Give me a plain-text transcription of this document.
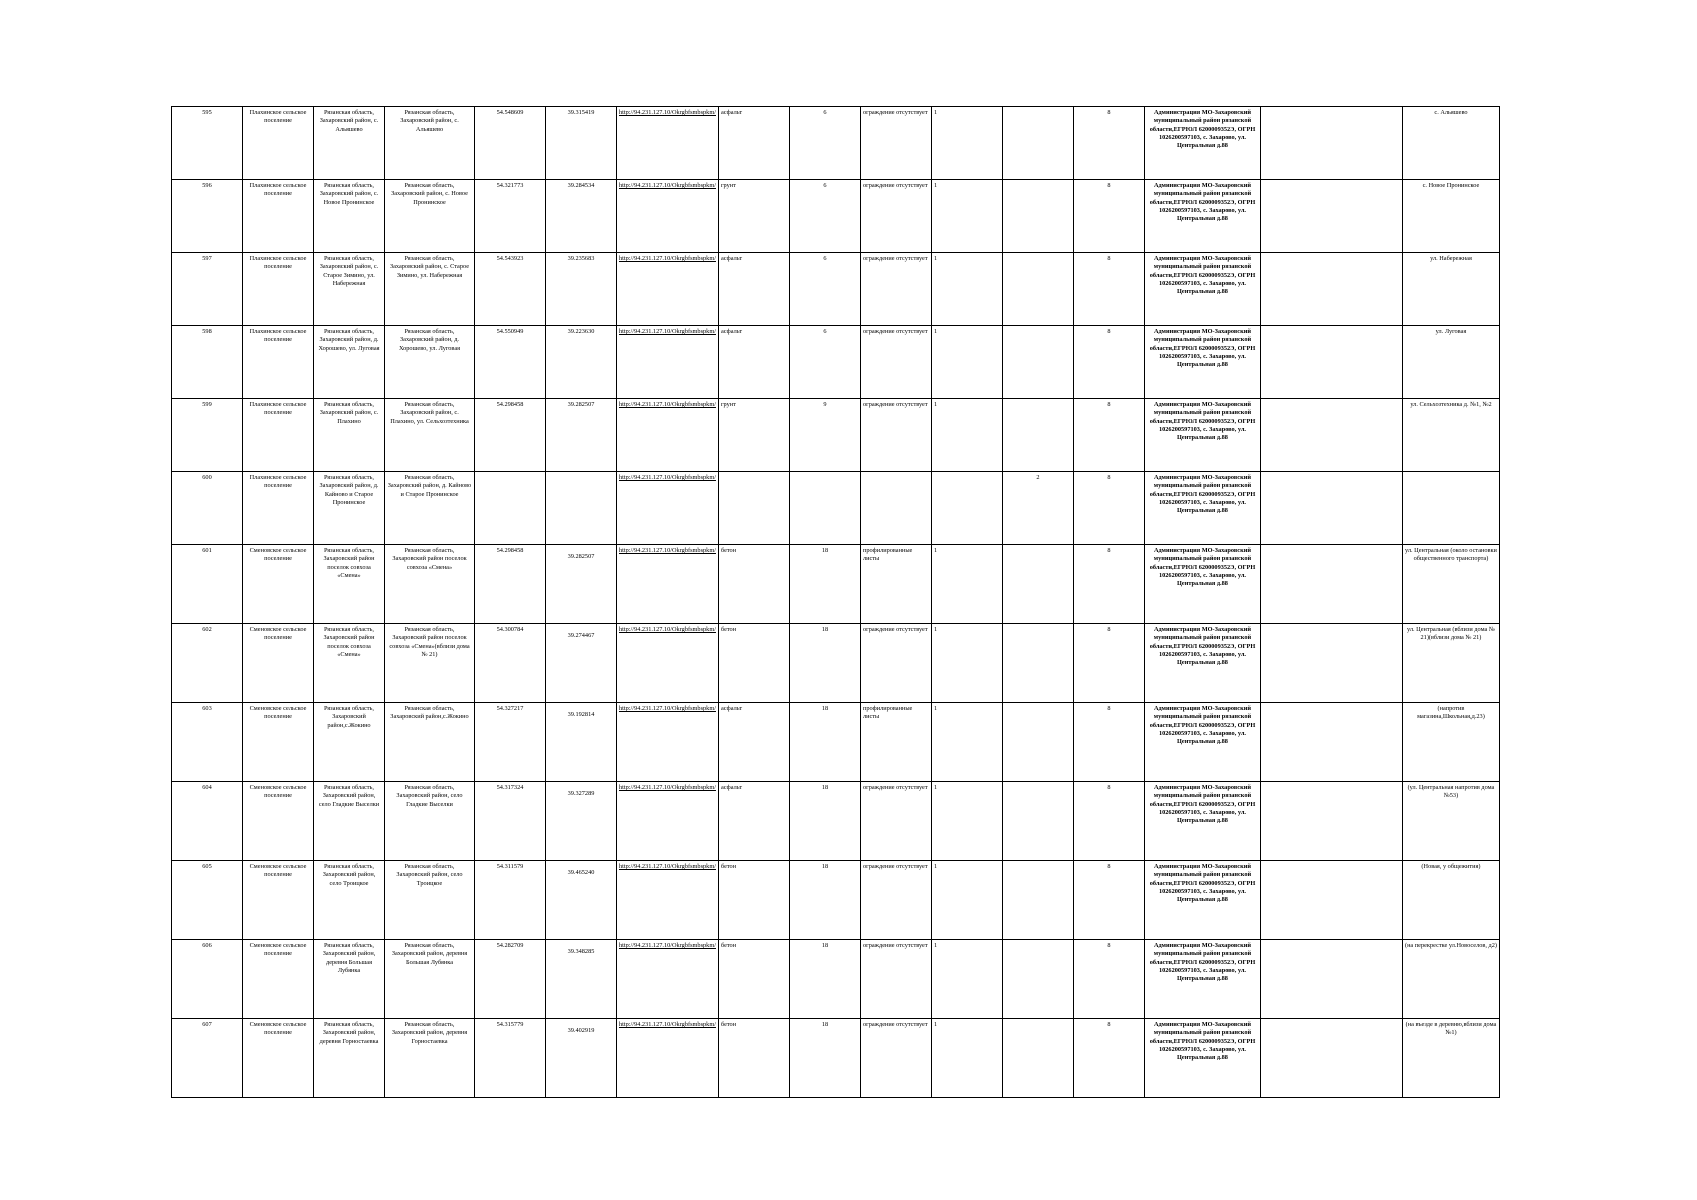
595	Плахинское сельское поселение	Рязанская область, Захаровский район, с. Альяшево	Рязанская область, Захаровский район, с. Альяшево	54.548609	39.315419	http://94.231.127.10/Okrgbfsmbspkm/	асфальт	6	ограждение отсутствует	1		8	Администрация МО-Захаровский муниципальный район рязанской области,ЕГРЮЛ 6200009352Э, ОГРН 1026200597103, с. Захарово, ул. Центральная д.88		с. Альяшево
596	Плахинское сельское поселение	Рязанская область, Захаровский район, с. Новое Пронинское	Рязанская область, Захаровский район, с. Новое Пронинское	54.321773	39.284534	http://94.231.127.10/Okrgbfsmbspkm/	грунт	6	ограждение отсутствует	1		8	Администрация МО-Захаровский муниципальный район рязанской области,ЕГРЮЛ 6200009352Э, ОГРН 1026200597103, с. Захарово, ул. Центральная д.88		с. Новое Пронинское
597	Плахинское сельское поселение	Рязанская область, Захаровский район, с. Старое Зимино, ул. Набережная	Рязанская область, Захаровский район, с. Старое Зимино, ул. Набережная	54.543923	39.235683	http://94.231.127.10/Okrgbfsmbspkm/	асфальт	6	ограждение отсутствует	1		8	Администрация МО-Захаровский муниципальный район рязанской области,ЕГРЮЛ 6200009352Э, ОГРН 1026200597103, с. Захарово, ул. Центральная д.88		ул. Набережная
598	Плахинское сельское поселение	Рязанская область, Захаровский район, д. Хорошево, ул. Луговая	Рязанская область, Захаровский район, д. Хорошево, ул. Луговая	54.550949	39.223630	http://94.231.127.10/Okrgbfsmbspkm/	асфальт	6	ограждение отсутствует	1		8	Администрация МО-Захаровский муниципальный район рязанской области,ЕГРЮЛ 6200009352Э, ОГРН 1026200597103, с. Захарово, ул. Центральная д.88		ул. Луговая
599	Плахинское сельское поселение	Рязанская область, Захаровский район, с. Плахино	Рязанская область, Захаровский район, с. Плахино, ул. Сельхозтехника	54.298458	39.282507	http://94.231.127.10/Okrgbfsmbspkm/	грунт	9	ограждение отсутствует	1		8	Администрация МО-Захаровский муниципальный район рязанской области,ЕГРЮЛ 6200009352Э, ОГРН 1026200597103, с. Захарово, ул. Центральная д.88		ул. Сельхозтехника д. №1, №2
600	Плахинское сельское поселение	Рязанская область, Захаровский район, д. Кайново и Старое Пронинское	Рязанская область, Захаровский район, д. Кайново и Старое Пронинское			http://94.231.127.10/Okrgbfsmbspkm/					2	8	Администрация МО-Захаровский муниципальный район рязанской области,ЕГРЮЛ 6200009352Э, ОГРН 1026200597103, с. Захарово, ул. Центральная д.88		
601	Сменовское сельское поселение	Рязанская область, Захаровский район поселок совхоза «Смена»	Рязанская область, Захаровский район поселок совхоза «Смена»	54.298458	39.282507	http://94.231.127.10/Okrgbfsmbspkm/	бетон	18	профилированные листы	1		8	Администрация МО-Захаровский муниципальный район рязанской области,ЕГРЮЛ 6200009352Э, ОГРН 1026200597103, с. Захарово, ул. Центральная д.88		ул. Центральная (около остановки общественного транспорта)
602	Сменовское сельское поселение	Рязанская область, Захаровский район поселок совхоза «Смена»	Рязанская область, Захаровский район поселок совхоза «Смена»(вблизи дома № 21)	54.300784	39.274467	http://94.231.127.10/Okrgbfsmbspkm/	бетон	18	ограждение отсутствует	1		8	Администрация МО-Захаровский муниципальный район рязанской области,ЕГРЮЛ 6200009352Э, ОГРН 1026200597103, с. Захарово, ул. Центральная д.88		ул. Центральная (вблизи дома № 21)(вблизи дома № 21)
603	Сменовское сельское поселение	Рязанская область, Захаровский район,с.Жокино	Рязанская область, Захаровский район,с.Жокино	54.327217	39.192814	http://94.231.127.10/Okrgbfsmbspkm/	асфальт	18	профилированные листы	1		8	Администрация МО-Захаровский муниципальный район рязанской области,ЕГРЮЛ 6200009352Э, ОГРН 1026200597103, с. Захарово, ул. Центральная д.88		(напротив магазина,Школьная,д.23)
604	Сменовское сельское поселение	Рязанская область, Захаровский район, село Гладкие Выселки	Рязанская область, Захаровский район, село Гладкие Выселки	54.317324	39.327289	http://94.231.127.10/Okrgbfsmbspkm/	асфальт	18	ограждение отсутствует	1		8	Администрация МО-Захаровский муниципальный район рязанской области,ЕГРЮЛ 6200009352Э, ОГРН 1026200597103, с. Захарово, ул. Центральная д.88		(ул. Центральная напротив дома №53)
605	Сменовское сельское поселение	Рязанская область, Захаровский район, село Троицкое	Рязанская область, Захаровский район, село Троицкое	54.311579	39.465240	http://94.231.127.10/Okrgbfsmbspkm/	бетон	18	ограждение отсутствует	1		8	Администрация МО-Захаровский муниципальный район рязанской области,ЕГРЮЛ 6200009352Э, ОГРН 1026200597103, с. Захарово, ул. Центральная д.88		(Новая, у общежития)
606	Сменовское сельское поселение	Рязанская область, Захаровский район, деревня Большая Лубянка	Рязанская область, Захаровский район, деревня Большая Лубянка	54.282709	39.348285	http://94.231.127.10/Okrgbfsmbspkm/	бетон	18	ограждение отсутствует	1		8	Администрация МО-Захаровский муниципальный район рязанской области,ЕГРЮЛ 6200009352Э, ОГРН 1026200597103, с. Захарово, ул. Центральная д.88		(на перекрестке ул.Новоселов, д2)
607	Сменовское сельское поселение	Рязанская область, Захаровский район, деревня Горностаевка	Рязанская область, Захаровский район, деревня Горностаевка	54.315779	39.402919	http://94.231.127.10/Okrgbfsmbspkm/	бетон	18	ограждение отсутствует	1		8	Администрация МО-Захаровский муниципальный район рязанской области,ЕГРЮЛ 6200009352Э, ОГРН 1026200597103, с. Захарово, ул. Центральная д.88		(на въезде в деревню,вблизи дома №1)
